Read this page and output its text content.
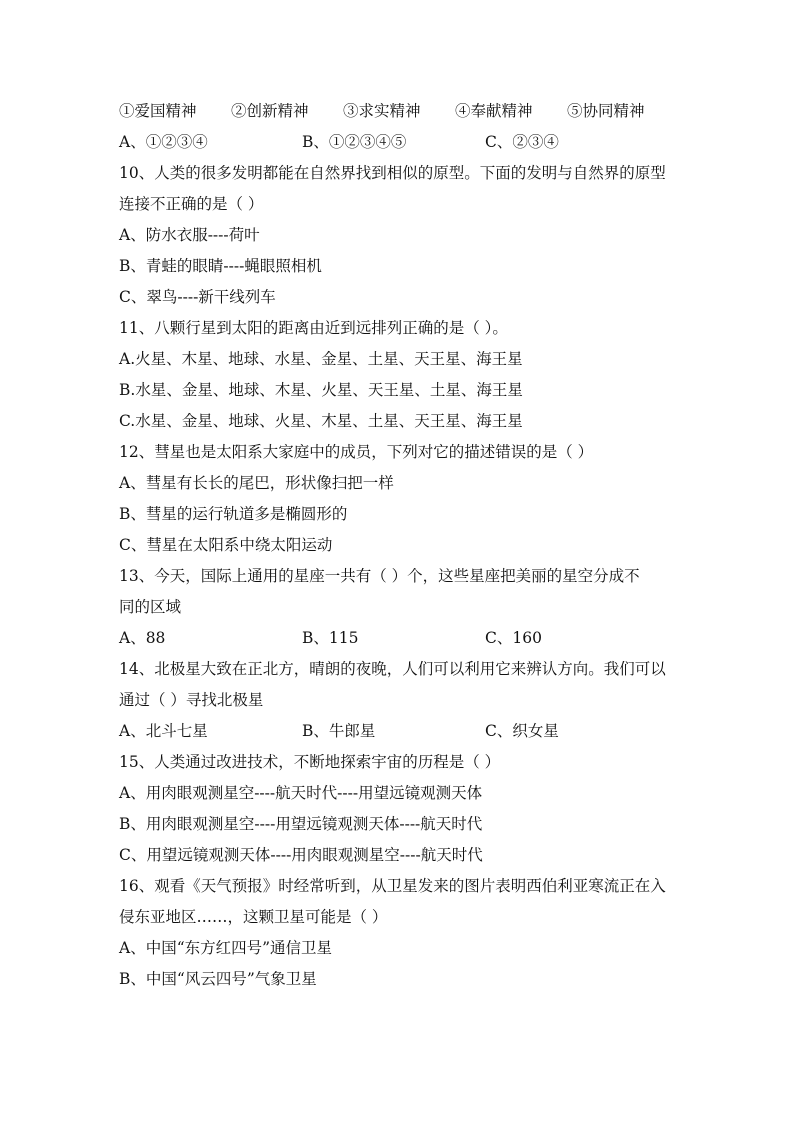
①爱国精神	②创新精神	③求实精神	④奉献精神	⑤协同精神
A、①②③④	B、①②③④⑤	C、②③④
10、人类的很多发明都能在自然界找到相似的原型。下面的发明与自然界的原型
连接不正确的是（ ）
A、防水衣服----荷叶
B、青蛙的眼睛----蝇眼照相机
C、翠鸟----新干线列车
11、八颗行星到太阳的距离由近到远排列正确的是（ ）。
A.火星、木星、地球、水星、金星、土星、天王星、海王星
B.水星、金星、地球、木星、火星、天王星、土星、海王星
C.水星、金星、地球、火星、木星、土星、天王星、海王星
12、彗星也是太阳系大家庭中的成员，下列对它的描述错误的是（ ）
A、彗星有长长的尾巴，形状像扫把一样
B、彗星的运行轨道多是椭圆形的
C、彗星在太阳系中绕太阳运动
13、今天，国际上通用的星座一共有（ ）个，这些星座把美丽的星空分成不
同的区域
A、88	B、115	C、160
14、北极星大致在正北方，晴朗的夜晚，人们可以利用它来辨认方向。我们可以
通过（ ）寻找北极星
A、北斗七星	B、牛郎星	C、织女星
15、人类通过改进技术，不断地探索宇宙的历程是（ ）
A、用肉眼观测星空----航天时代----用望远镜观测天体
B、用肉眼观测星空----用望远镜观测天体----航天时代
C、用望远镜观测天体----用肉眼观测星空----航天时代
16、观看《天气预报》时经常听到，从卫星发来的图片表明西伯利亚寒流正在入
侵东亚地区……，这颗卫星可能是（ ）
A、中国“东方红四号”通信卫星
B、中国“风云四号”气象卫星
